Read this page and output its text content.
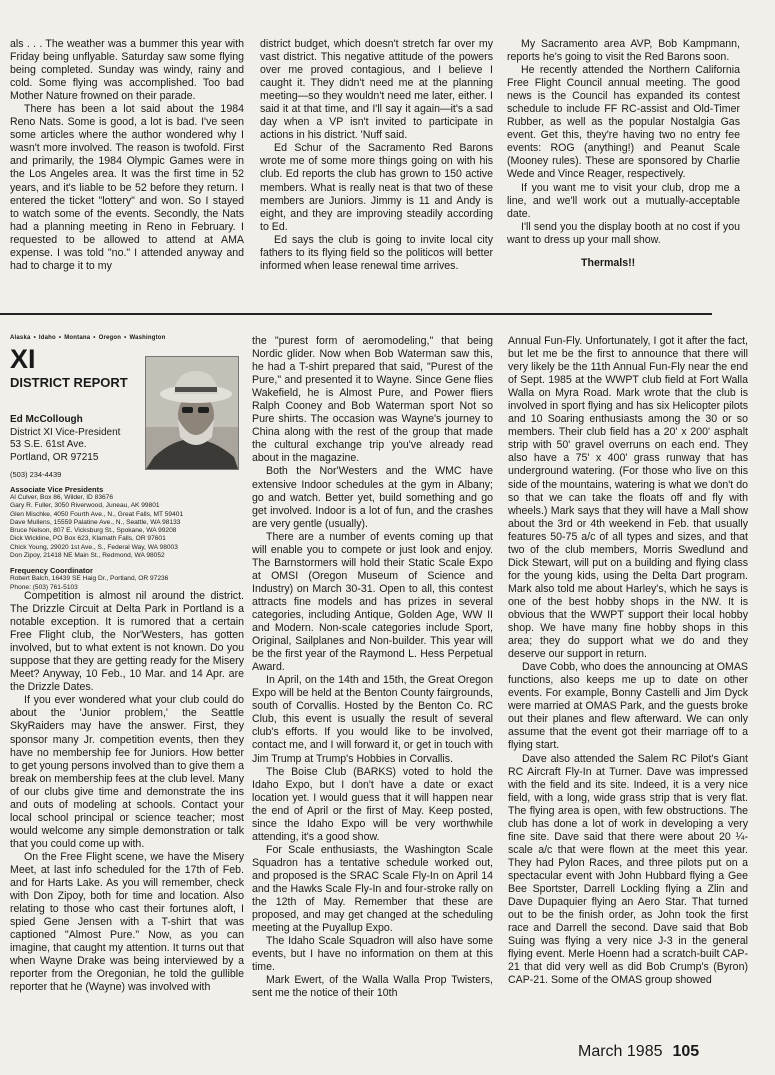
als . . . The weather was a bummer this year with Friday being unflyable. Saturday saw some flying being completed. Sunday was windy, rainy and cold. Some flying was accomplished. Too bad Mother Nature frowned on their parade.

There has been a lot said about the 1984 Reno Nats. Some is good, a lot is bad. I've seen some articles where the author wondered why I wasn't more involved. The reason is twofold. First and primarily, the 1984 Olympic Games were in the Los Angeles area. It was the first time in 52 years, and it's liable to be 52 before they return. I entered the ticket "lottery" and won. So I stayed to watch some of the events. Secondly, the Nats had a planning meeting in Reno in February. I requested to be allowed to attend at AMA expense. I was told "no." I attended anyway and had to charge it to my

district budget, which doesn't stretch far over my vast district. This negative attitude of the powers over me proved contagious, and I believe I caught it. They didn't need me at the planning meeting—so they wouldn't need me later, either. I said it at that time, and I'll say it again—it's a sad day when a VP isn't invited to participate in actions in his district. 'Nuff said.

Ed Schur of the Sacramento Red Barons wrote me of some more things going on with his club. Ed reports the club has grown to 150 active members. What is really neat is that two of these members are Juniors. Jimmy is 11 and Andy is eight, and they are improving steadily according to Ed.

Ed says the club is going to invite local city fathers to its flying field so the politicos will better informed when lease renewal time arrives.

My Sacramento area AVP, Bob Kampmann, reports he's going to visit the Red Barons soon.

He recently attended the Northern California Free Flight Council annual meeting. The good news is the Council has expanded its contest schedule to include FF RC-assist and Old-Timer Rubber, as well as the popular Nostalgia Gas event. Get this, they're having two no entry fee events: ROG (anything!) and Peanut Scale (Mooney rules). These are sponsored by Charlie Wede and Vince Reager, respectively.

If you want me to visit your club, drop me a line, and we'll work out a mutually-acceptable date.

I'll send you the display booth at no cost if you want to dress up your mall show.

Thermals!!

Alaska • Idaho • Montana • Oregon • Washington
XI
DISTRICT REPORT
Ed McCollough
District XI Vice-President
53 S.E. 61st Ave.
Portland, OR 97215
(503) 234-4439
Associate Vice Presidents
Al Culver, Box 86, Wilder, ID 83676
Gary R. Fuller, 3050 Riverwood, Juneau, AK 99801
Glen Mischke, 4050 Fourth Ave., N., Great Falls, MT 59401
Dave Mullens, 15559 Palatine Ave., N., Seattle, WA 98133
Bruce Nelson, 807 E. Vicksburg St., Spokane, WA 99208
Dick Wickline, PO Box 623, Klamath Falls, OR 97601
Chick Young, 29020 1st Ave., S., Federal Way, WA 98003
Don Zipoy, 21418 NE Main St., Redmond, WA 98052
Frequency Coordinator
Robert Balch, 16439 SE Haig Dr., Portland, OR 97236
Phone: (503) 761-5103

Competition is almost nil around the district. The Drizzle Circuit at Delta Park in Portland is a notable exception. It is rumored that a certain Free Flight club, the Nor'Westers, has gotten involved, but to what extent is not known. Do you suppose that they are getting ready for the Misery Meet? Anyway, 10 Feb., 10 Mar. and 14 Apr. are the Drizzle Dates.

If you ever wondered what your club could do about the 'Junior problem,' the Seattle SkyRaiders may have the answer. First, they sponsor many Jr. competition events, then they have no membership fee for Juniors. How better to get young persons involved than to give them a break on membership fees at the club level. Many of our clubs give time and demonstrate the ins and outs of modeling at schools. Contact your local school principal or science teacher; most would welcome any simple demonstration or talk that you could come up with.

On the Free Flight scene, we have the Misery Meet, at last info scheduled for the 17th of Feb. and for Harts Lake. As you will remember, check with Don Zipoy, both for time and location. Also relating to those who cast their fortunes aloft, I spied Gene Jensen with a T-shirt that was captioned "Almost Pure." Now, as you can imagine, that caught my attention. It turns out that when Wayne Drake was being interviewed by a reporter from the Oregonian, he told the gullible reporter that he (Wayne) was involved with

the "purest form of aeromodeling," that being Nordic glider. Now when Bob Waterman saw this, he had a T-shirt prepared that said, "Purest of the Pure," and presented it to Wayne. Since Gene flies Wakefield, he is Almost Pure, and Power fliers Ralph Cooney and Bob Waterman sport Not so Pure shirts. The occasion was Wayne's journey to China along with the rest of the group that made the cultural exchange trip you've already read about in the magazine.

Both the Nor'Westers and the WMC have extensive Indoor schedules at the gym in Albany; go and watch. Better yet, build something and go get involved. Indoor is a lot of fun, and the crashes are very gentle (usually).

There are a number of events coming up that will enable you to compete or just look and enjoy. The Barnstormers will hold their Static Scale Expo at OMSI (Oregon Museum of Science and Industry) on March 30-31. Open to all, this contest attracts fine models and has prizes in several categories, including Antique, Golden Age, WW II and Modern. Non-scale categories include Sport, Original, Sailplanes and Non-builder. This year will be the first year of the Raymond L. Hess Perpetual Award.

In April, on the 14th and 15th, the Great Oregon Expo will be held at the Benton County fairgrounds, south of Corvallis. Hosted by the Benton Co. RC Club, this event is usually the result of several club's efforts. If you would like to be involved, contact me, and I will forward it, or get in touch with Jim Trump at Trump's Hobbies in Corvallis.

The Boise Club (BARKS) voted to hold the Idaho Expo, but I don't have a date or exact location yet. I would guess that it will happen near the end of April or the first of May. Keep posted, since the Idaho Expo will be very worthwhile attending, it's a good show.

For Scale enthusiasts, the Washington Scale Squadron has a tentative schedule worked out, and proposed is the SRAC Scale Fly-In on April 14 and the Hawks Scale Fly-In and four-stroke rally on the 12th of May. Remember that these are proposed, and may get changed at the scheduling meeting at the Puyallup Expo.

The Idaho Scale Squadron will also have some events, but I have no information on them at this time.

Mark Ewert, of the Walla Walla Prop Twisters, sent me the notice of their 10th

Annual Fun-Fly. Unfortunately, I got it after the fact, but let me be the first to announce that there will very likely be the 11th Annual Fun-Fly near the end of Sept. 1985 at the WWPT club field at Fort Walla Walla on Myra Road. Mark wrote that the club is involved in sport flying and has six Helicopter pilots and 10 Soaring enthusiasts among the 30 or so members. Their club field has a 20' x 200' asphalt strip with 50' gravel overruns on each end. They also have a 75' x 400' grass runway that has underground watering. (For those who live on this side of the mountains, watering is what we don't do so that we can take the floats off and fly with wheels.) Mark says that they will have a Mall show about the 3rd or 4th weekend in Feb. that usually features 50-75 a/c of all types and sizes, and that two of the club members, Morris Swedlund and Dick Stewart, will put on a building and flying class for the young kids, using the Delta Dart program. Mark also told me about Harley's, which he says is one of the best hobby shops in the NW. It is obvious that the WWPT support their local hobby shop. We have many fine hobby shops in this area; they do support what we do and they deserve our support in return.

Dave Cobb, who does the announcing at OMAS functions, also keeps me up to date on other events. For example, Bonny Castelli and Jim Dyck were married at OMAS Park, and the guests broke out their planes and flew afterward. We can only assume that the event got their marriage off to a flying start.

Dave also attended the Salem RC Pilot's Giant RC Aircraft Fly-In at Turner. Dave was impressed with the field and its site. Indeed, it is a very nice field, with a long, wide grass strip that is very flat. The flying area is open, with few obstructions. The club has done a lot of work in developing a very fine site. Dave said that there were about 20 ¼-scale a/c that were flown at the meet this year. They had Pylon Races, and three pilots put on a spectacular event with John Hubbard flying a Gee Bee Sportster, Darrell Lockling flying a Zlin and Dave Dupaquier flying an Aero Star. That turned out to be the finish order, as John took the first race and Darrell the second. Dave said that Bob Suing was flying a very nice J-3 in the general flying event. Merle Hoenn had a scratch-built CAP-21 that did very well as did Bob Crump's (Byron) CAP-21. Some of the OMAS group showed

March 1985 105
